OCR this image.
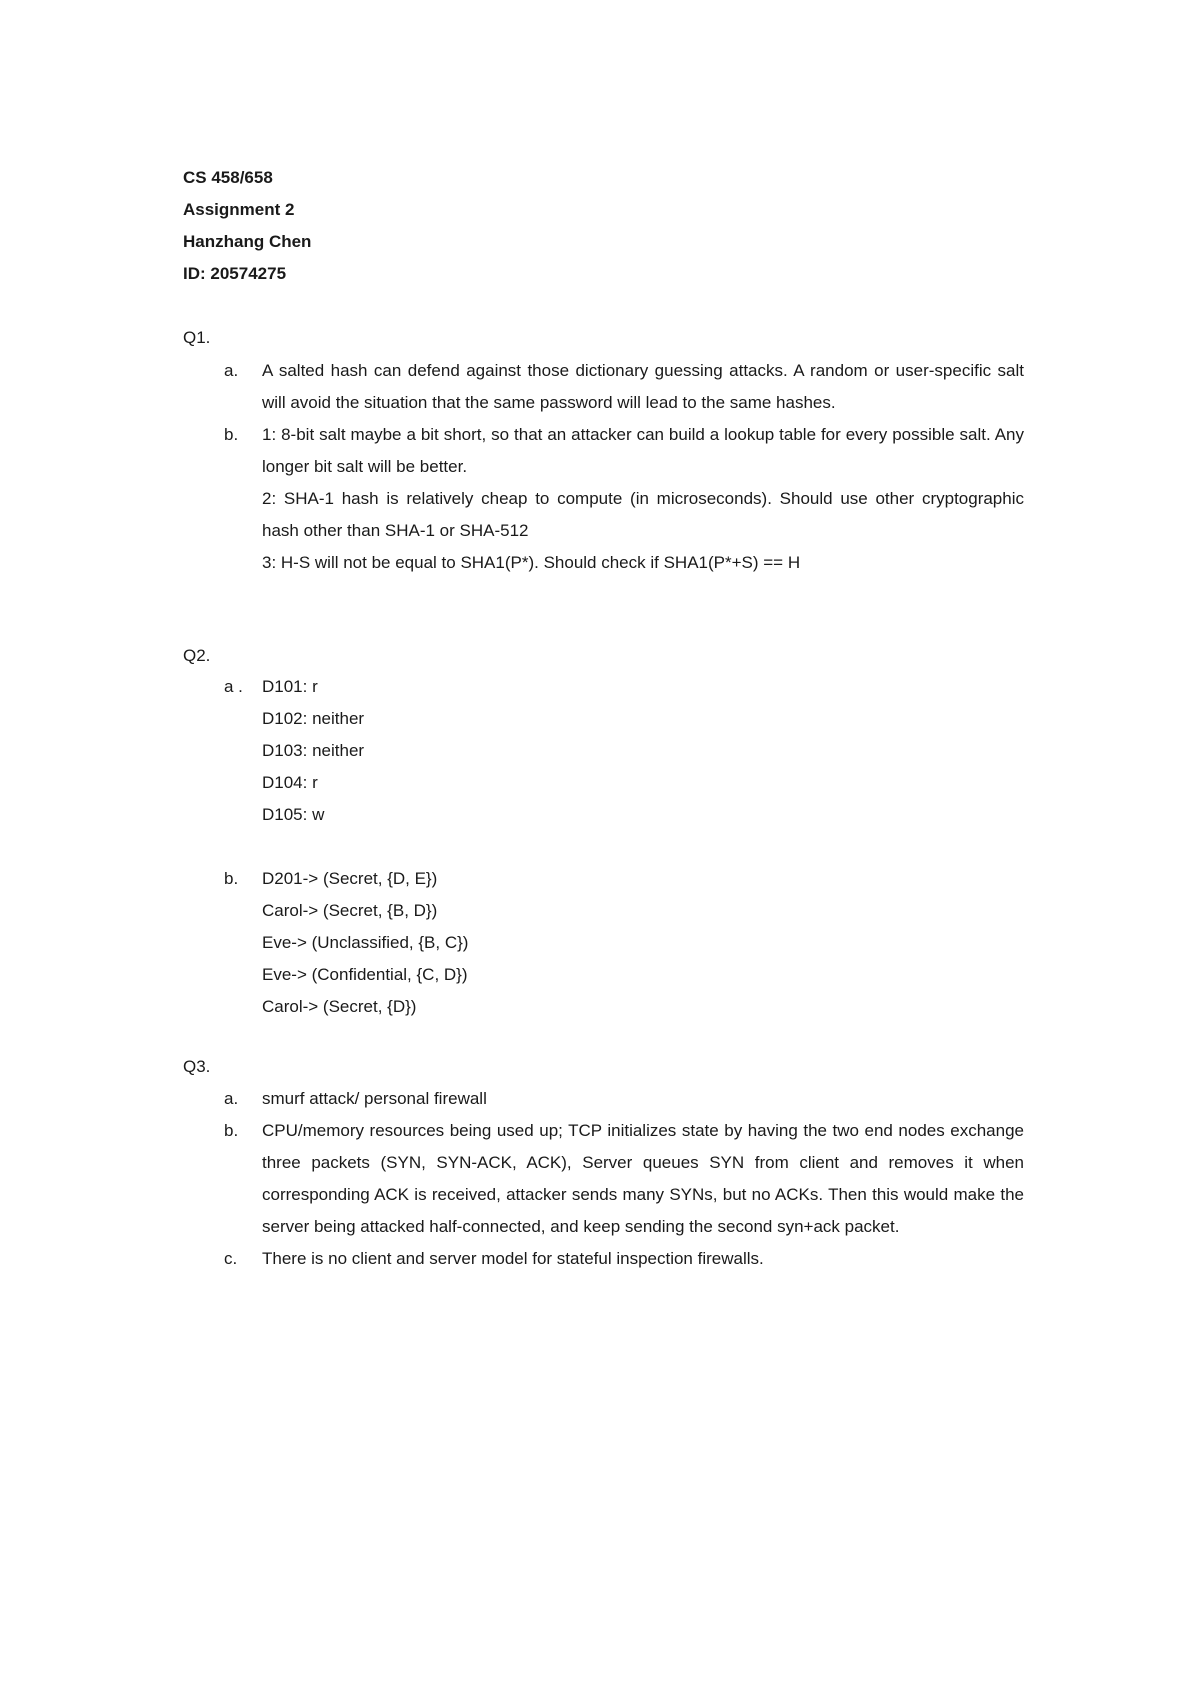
CS 458/658
Assignment 2
Hanzhang Chen
ID: 20574275
Q1.
a. A salted hash can defend against those dictionary guessing attacks. A random or user-specific salt will avoid the situation that the same password will lead to the same hashes.
b. 1: 8-bit salt maybe a bit short, so that an attacker can build a lookup table for every possible salt. Any longer bit salt will be better.
2: SHA-1 hash is relatively cheap to compute (in microseconds). Should use other cryptographic hash other than SHA-1 or SHA-512
3: H-S will not be equal to SHA1(P*). Should check if SHA1(P*+S) == H
Q2.
a . D101: r
D102: neither
D103: neither
D104: r
D105: w
b. D201-> (Secret, {D, E})
Carol-> (Secret, {B, D})
Eve-> (Unclassified, {B, C})
Eve-> (Confidential, {C, D})
Carol-> (Secret, {D})
Q3.
a. smurf attack/ personal firewall
b. CPU/memory resources being used up; TCP initializes state by having the two end nodes exchange three packets (SYN, SYN-ACK, ACK), Server queues SYN from client and removes it when corresponding ACK is received, attacker sends many SYNs, but no ACKs. Then this would make the server being attacked half-connected, and keep sending the second syn+ack packet.
c. There is no client and server model for stateful inspection firewalls.
